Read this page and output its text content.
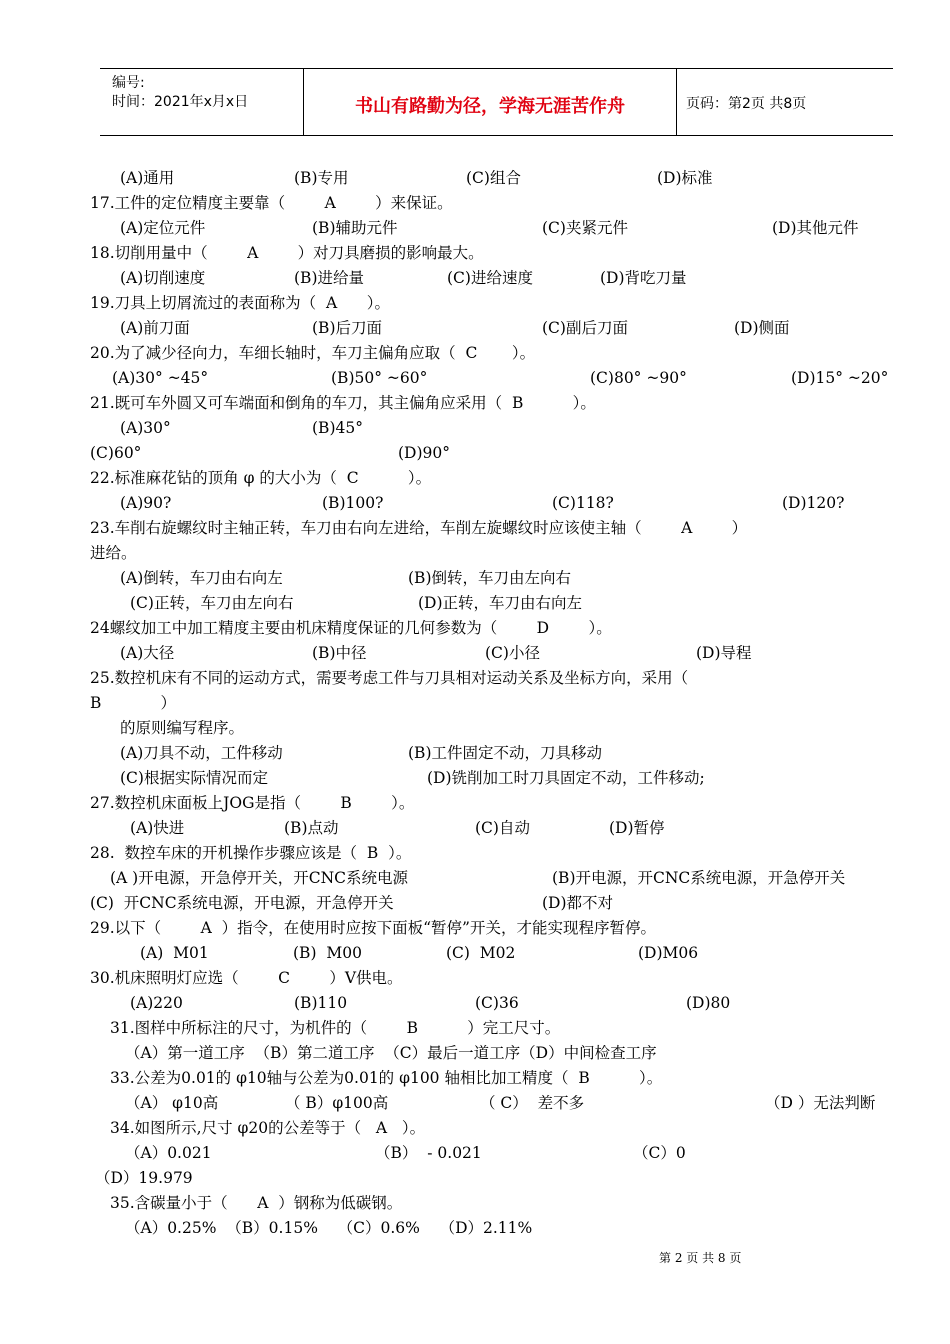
编号:
时间：2021年x月x日	书山有路勤为径，学海无涯苦作舟	页码：第2页 共8页
(A)通用	(B)专用	(C)组合	(D)标准
17.工件的定位精度主要靠（        A        ）来保证。
(A)定位元件	(B)辅助元件	(C)夹紧元件	(D)其他元件
18.切削用量中（        A        ）对刀具磨损的影响最大。
(A)切削速度	(B)进给量	(C)进给速度	(D)背吃刀量
19.刀具上切屑流过的表面称为（  A      ）。
(A)前刀面	(B)后刀面	(C)副后刀面	(D)侧面
20.为了减少径向力，车细长轴时，车刀主偏角应取（  C       ）。
(A)30° ~45°	(B)50° ~60°	(C)80° ~90°	(D)15° ~20°
21.既可车外圆又可车端面和倒角的车刀，其主偏角应采用（  B          ）。
(A)30°	(B)45°
(C)60°	(D)90°
22.标准麻花钻的顶角 φ 的大小为（  C          ）。
(A)90?	(B)100?	(C)118?	(D)120?
23.车削右旋螺纹时主轴正转，车刀由右向左进给，车削左旋螺纹时应该使主轴（        A        ）
进给。
(A)倒转，车刀由右向左	(B)倒转，车刀由左向右
(C)正转，车刀由左向右	(D)正转，车刀由右向左
24螺纹加工中加工精度主要由机床精度保证的几何参数为（        D        ）。
(A)大径	(B)中径	(C)小径	(D)导程
25.数控机床有不同的运动方式，需要考虑工件与刀具相对运动关系及坐标方向，采用（
B            ）
的原则编写程序。
(A)刀具不动，工件移动	(B)工件固定不动，刀具移动
(C)根据实际情况而定	(D)铣削加工时刀具固定不动，工件移动;
27.数控机床面板上JOG是指（        B        ）。
(A)快进	(B)点动	(C)自动	(D)暂停
28.  数控车床的开机操作步骤应该是（  B  ）。
(A )开电源，开急停开关，开CNC系统电源	(B)开电源，开CNC系统电源，开急停开关
(C)  开CNC系统电源，开电源，开急停开关	(D)都不对
29.以下（        A  ）指令，在使用时应按下面板“暂停”开关，才能实现程序暂停。
(A)  M01	(B)  M00	(C)  M02	(D)M06
30.机床照明灯应选（        C        ）V供电。
(A)220	(B)110	(C)36	(D)80
31.图样中所标注的尺寸，为机件的（        B          ）完工尺寸。
（A）第一道工序  （B）第二道工序  （C）最后一道工序（D）中间检查工序
33.公差为0.01的 φ10轴与公差为0.01的 φ100 轴相比加工精度（  B          ）。
（A） φ10高	（ B）φ100高	（ C）  差不多	（D ）无法判断
34.如图所示,尺寸 φ20的公差等于（   A   ）。
（A）0.021	（B）  - 0.021	（C）0
（D）19.979
35.含碳量小于（      A  ）钢称为低碳钢。
（A）0.25%  （B）0.15%    （C）0.6%    （D）2.11%
第 2 页 共 8 页
